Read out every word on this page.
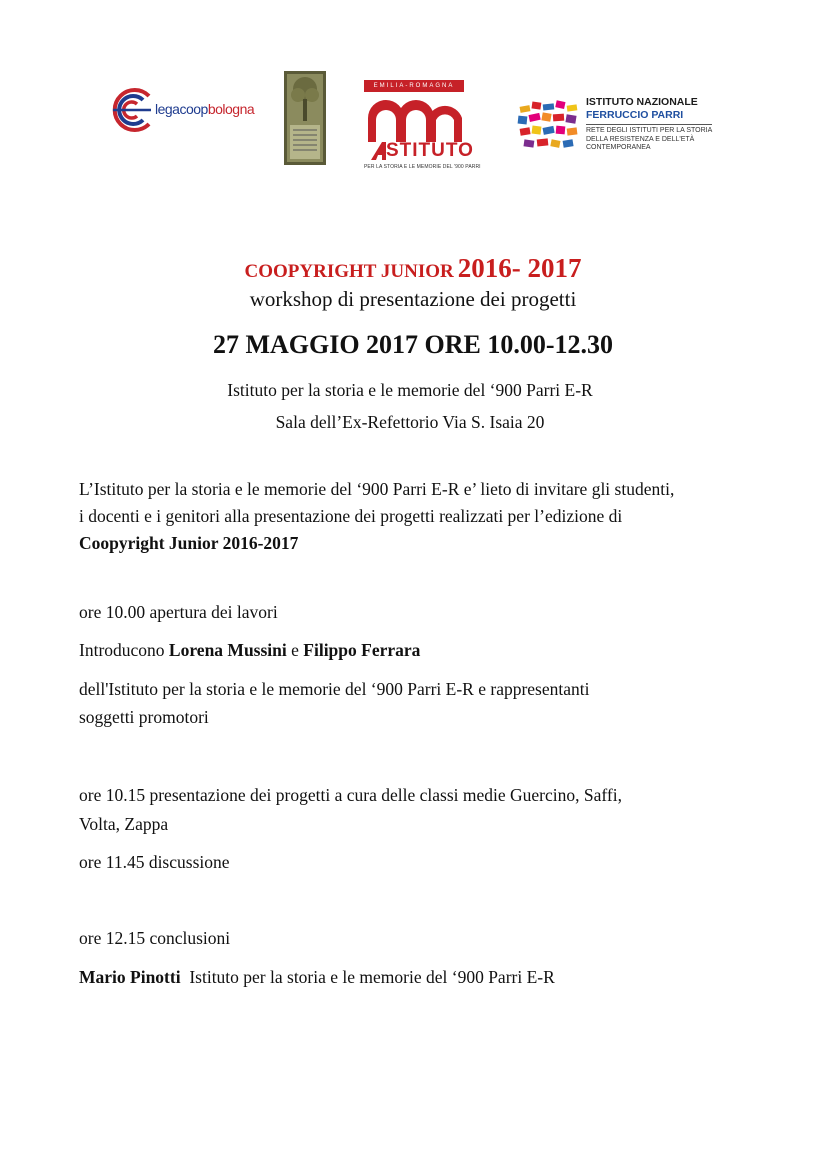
legacoopbologna
EMILIA-ROMAGNA
STITUTO
PER LA STORIA E LE MEMORIE DEL '900 PARRI
ISTITUTO NAZIONALE
FERRUCCIO PARRI
RETE DEGLI ISTITUTI PER LA STORIA
DELLA RESISTENZA E DELL'ETÀ
CONTEMPORANEA
COOPYRIGHT JUNIOR 2016- 2017
workshop di presentazione dei progetti
27 MAGGIO 2017 ORE 10.00-12.30
Istituto per la storia e le memorie del ‘900 Parri E-R
Sala dell’Ex-Refettorio Via S. Isaia 20
L’Istituto per la storia e le memorie del ‘900 Parri E-R e’ lieto di invitare gli studenti,
i docenti e i genitori alla presentazione dei progetti realizzati per l’edizione di
Coopyright Junior 2016-2017
ore 10.00 apertura dei lavori
Introducono Lorena Mussini e Filippo Ferrara
dell'Istituto per la storia e le memorie del ‘900 Parri E-R e rappresentanti
soggetti promotori
ore 10.15 presentazione dei progetti a cura delle classi medie Guercino, Saffi,
Volta, Zappa
ore 11.45 discussione
ore 12.15 conclusioni
Mario Pinotti Istituto per la storia e le memorie del ‘900 Parri E-R
